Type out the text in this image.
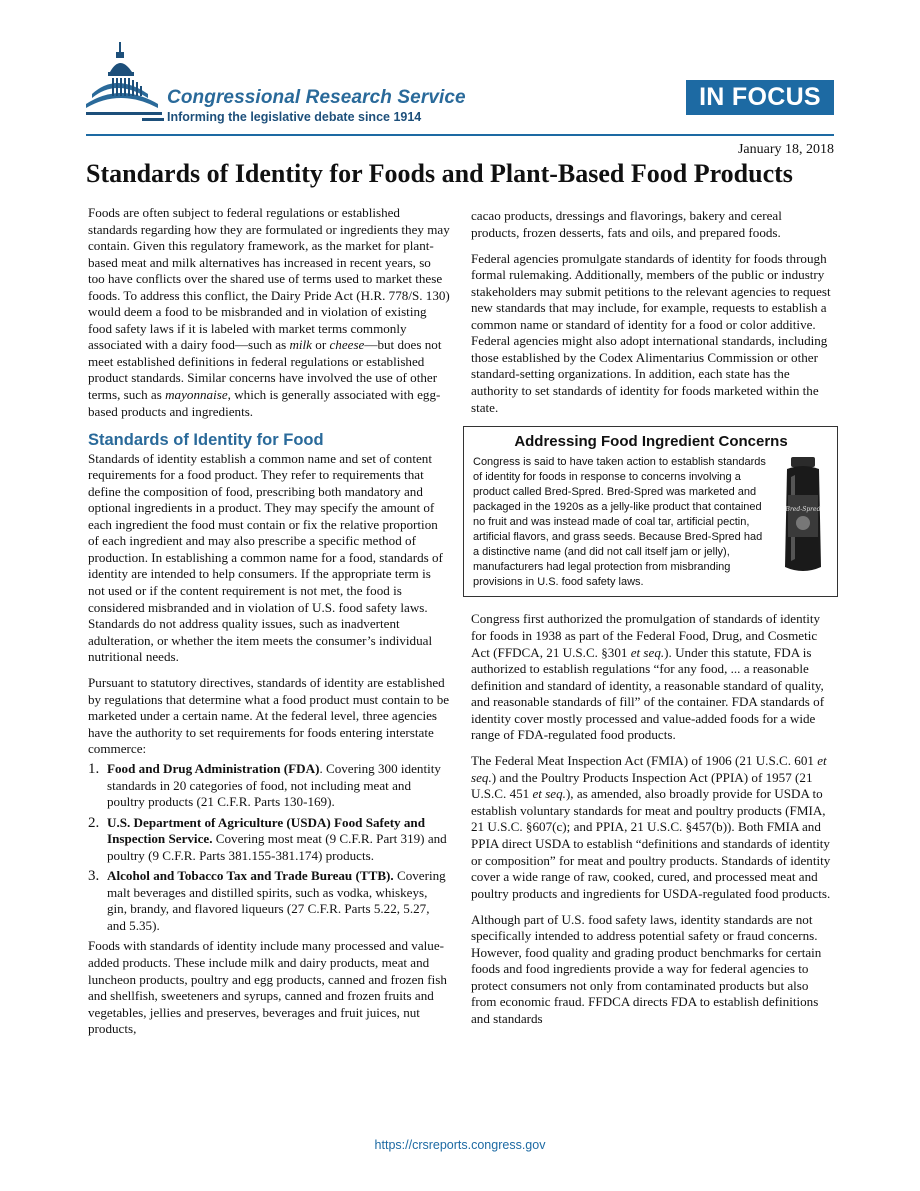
Congressional Research Service
Informing the legislative debate since 1914
IN FOCUS
January 18, 2018
Standards of Identity for Foods and Plant-Based Food Products

Foods are often subject to federal regulations or established standards regarding how they are formulated or ingredients they may contain. Given this regulatory framework, as the market for plant-based meat and milk alternatives has increased in recent years, so too have conflicts over the shared use of terms used to market these foods. To address this conflict, the Dairy Pride Act (H.R. 778/S. 130) would deem a food to be misbranded and in violation of existing food safety laws if it is labeled with market terms commonly associated with a dairy food—such as milk or cheese—but does not meet established definitions in federal regulations or established product standards. Similar concerns have involved the use of other terms, such as mayonnaise, which is generally associated with egg-based products and ingredients.

Standards of Identity for Food

Standards of identity establish a common name and set of content requirements for a food product. They refer to requirements that define the composition of food, prescribing both mandatory and optional ingredients in a product. They may specify the amount of each ingredient the food must contain or fix the relative proportion of each ingredient and may also prescribe a specific method of production. In establishing a common name for a food, standards of identity are intended to help consumers. If the appropriate term is not used or if the content requirement is not met, the food is considered misbranded and in violation of U.S. food safety laws. Standards do not address quality issues, such as inadvertent adulteration, or whether the item meets the consumer’s individual nutritional needs.

Pursuant to statutory directives, standards of identity are established by regulations that determine what a food product must contain to be marketed under a certain name. At the federal level, three agencies have the authority to set requirements for foods entering interstate commerce:

1. Food and Drug Administration (FDA). Covering 300 identity standards in 20 categories of food, not including meat and poultry products (21 C.F.R. Parts 130-169).
2. U.S. Department of Agriculture (USDA) Food Safety and Inspection Service. Covering most meat (9 C.F.R. Part 319) and poultry (9 C.F.R. Parts 381.155-381.174) products.
3. Alcohol and Tobacco Tax and Trade Bureau (TTB). Covering malt beverages and distilled spirits, such as vodka, whiskeys, gin, brandy, and flavored liqueurs (27 C.F.R. Parts 5.22, 5.27, and 5.35).

Foods with standards of identity include many processed and value-added products. These include milk and dairy products, meat and luncheon products, poultry and egg products, canned and frozen fish and shellfish, sweeteners and syrups, canned and frozen fruits and vegetables, jellies and preserves, beverages and fruit juices, nut products,

cacao products, dressings and flavorings, bakery and cereal products, frozen desserts, fats and oils, and prepared foods.

Federal agencies promulgate standards of identity for foods through formal rulemaking. Additionally, members of the public or industry stakeholders may submit petitions to the relevant agencies to request new standards that may include, for example, requests to establish a common name or standard of identity for a food or color additive. Federal agencies might also adopt international standards, including those established by the Codex Alimentarius Commission or other standard-setting organizations. In addition, each state has the authority to set standards of identity for foods marketed within the state.

Addressing Food Ingredient Concerns
Congress is said to have taken action to establish standards of identity for foods in response to concerns involving a product called Bred-Spred. Bred-Spred was marketed and packaged in the 1920s as a jelly-like product that contained no fruit and was instead made of coal tar, artificial pectin, artificial flavors, and grass seeds. Because Bred-Spred had a distinctive name (and did not call itself jam or jelly), manufacturers had legal protection from misbranding provisions in U.S. food safety laws.
Bred-Spred

Congress first authorized the promulgation of standards of identity for foods in 1938 as part of the Federal Food, Drug, and Cosmetic Act (FFDCA, 21 U.S.C. §301 et seq.). Under this statute, FDA is authorized to establish regulations “for any food, ... a reasonable definition and standard of identity, a reasonable standard of quality, and reasonable standards of fill” of the container. FDA standards of identity cover mostly processed and value-added foods for a wide range of FDA-regulated food products.

The Federal Meat Inspection Act (FMIA) of 1906 (21 U.S.C. 601 et seq.) and the Poultry Products Inspection Act (PPIA) of 1957 (21 U.S.C. 451 et seq.), as amended, also broadly provide for USDA to establish voluntary standards for meat and poultry products (FMIA, 21 U.S.C. §607(c); and PPIA, 21 U.S.C. §457(b)). Both FMIA and PPIA direct USDA to establish “definitions and standards of identity or composition” for meat and poultry products. Standards of identity cover a wide range of raw, cooked, cured, and processed meat and poultry products and ingredients for USDA-regulated food products.

Although part of U.S. food safety laws, identity standards are not specifically intended to address potential safety or fraud concerns. However, food quality and grading product benchmarks for certain foods and food ingredients provide a way for federal agencies to protect consumers not only from contaminated products but also from economic fraud. FFDCA directs FDA to establish definitions and standards

https://crsreports.congress.gov
